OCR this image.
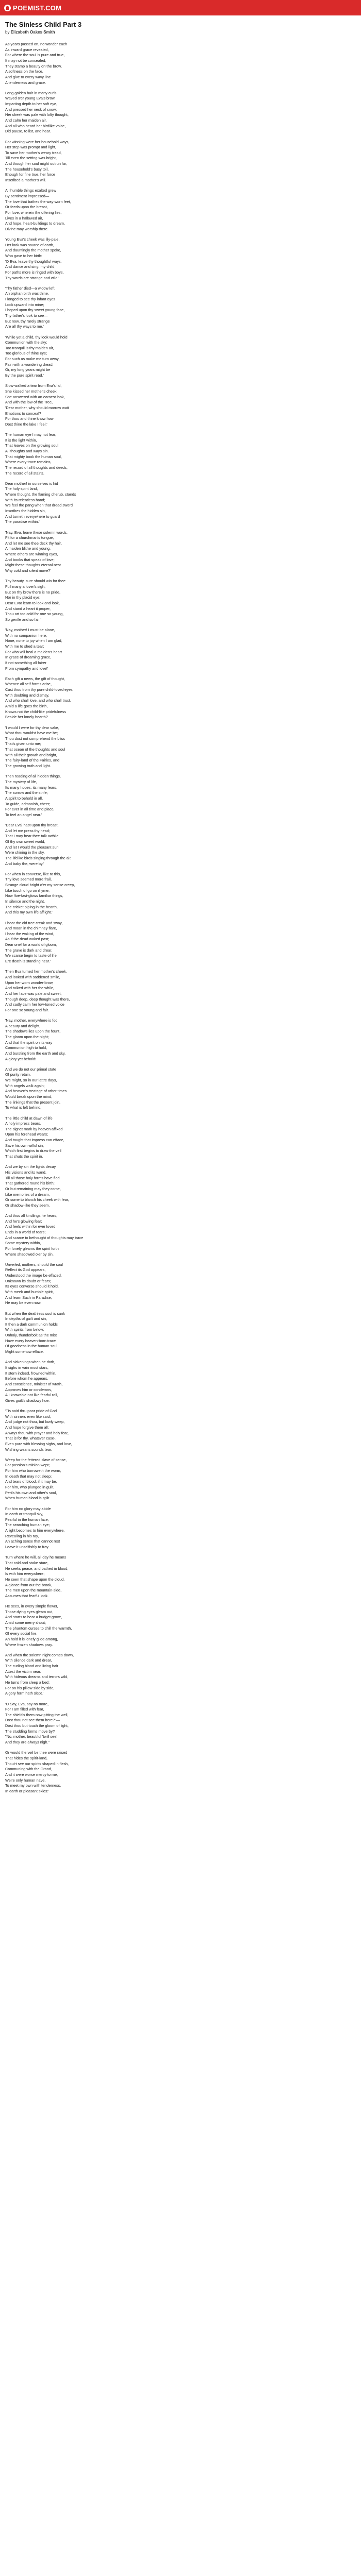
POEMIST.COM
The Sinless Child Part 3

by Elizabeth Oakes Smith

As years passed on, no wonder each
As inward grace revealed,
For where the soul is pure and true,
It may not be concealed;
They stamp a beauty on the brow,
A softness on the face,
And give to every wavy line
A tenderness and grace.
Long golden hair in many curls
Waved o'er young Eva's brow,
Imparting depth to her soft eye,
And pressed her neck of snow;
Her cheek was pale with lofty thought,
And calm her maiden air,
And all who heard her birdlike voice,
Did pause, to list, and hear.
For winning were her household ways,
Her step was prompt and light,
To save her mother's weary tread,
Till even the setting was bright,
And though her soul might outrun far,
The household's busy toil,
Enough for fine true, her force
Inscribed a mother's will.
All humble things exalted grew
By sentiment impressed—
The love that bathes the way-worn feet,
Or feeds upon the breast,
For love, wherein the offering lies,
Lives in a hallowed air,
And hope, heart-buildings to dream,
Divine may worship there.
Young Eva's cheek was lily-pale,
Her look was source of earth,
And dauntingly the mother spoke,
Who gave to her birth:
'O Eva, leave thy thoughtful ways,
And dance and sing, my child,
For paths more is ringed with boys,
Thy words are strange and wild.'
'Thy father died—a widow left,
An orphan birth was thine,
I longed to see thy infant eyes
Look upward into mine;
I hoped upon thy sweet young face,
Thy father's look to see—
But now, thy rarely strange
Are all thy ways to me.'
'While yet a child, thy look would hold
Communion with the sky;
Too tranquil is thy maiden air,
Too glorious of thine eye;
For such as make me turn away,
Fain with a wondering dread,
Or, my long years might be
By the pure spirit read.'
Slow-walked a tear from Eva's lid,
She kissed her mother's cheek,
She answered with an earnest look,
And with the low of the Tree,
'Dear mother, why should morrow wait
Emotions to conceal?
For thou and thine know how
Dost thine the lake I feel.'
The human eye I may not fear,
It is the light within,
That leaves on the growing soul
All thoughts and ways sin.
That mighty book the human soul,
Where every trace remains,
The record of all thoughts and deeds,
The record of all stains.
Dear mother! in ourselves is hid
The holy spirit land,
Where thought, the flaming cherub, stands
With its relentless hand;
We feel the pang when that dread sword
Inscribes the hidden sin,
And turneth everywhere to guard
The paradise within.'
'Nay, Eva, leave these solemn words,
Fit for a churchman's tongue,
And let me see thee deck thy hair,
A maiden blithe and young,
Where others are winning eyes,
And books that speak of love;
Might these thoughts eternal nest
Why cold and silent move?'
Thy beauty, sure should win for thee
Full many a lover's sigh,
But on thy brow there is no pride,
Nor in thy placid eye;
Dear Eva! learn to look and look,
And stand a heart it proper,
Thou art too cold for one so young,
So gentle and so fair.'
'Nay, mother! I must be alone,
With no companion here,
None, none to joy when I am glad,
With me to shed a tear;
For who will heal a maiden's heart
In grace of dreaming grace,
If not something all fairer
From sympathy and love!'
Each gift a news, the gift of thought,
Whence all self-forms arise,
Cast thou from thy pure child-loved eyes,
With doubting and dismay,
And who shall love, and who shall trust,
Amid a life goes the birth,
Knows not the child-like pridefulness
Beside her lonely hearth?
'I would I were for thy dear sake,
What thou wouldst have me be;
Thou dost not comprehend the bliss
That's given unto me;
That ocean of the thoughts and soul
With all their growth and bright,
The fairy-land of the Fairies, and
The growing truth and light.
Then reading of all hidden things,
The mystery of life,
Its many hopes, its many fears,
The sorrow and the strife;
A spirit to behold in all,
To guide, admonish, cheer;
For ever in all time and place,
To feel an angel near.'
'Dear Eval hast upon thy breast,
And let me press thy head;
That I may hear thee talk awhile
Of thy own sweet world,
And let I would the pleasant sun
Were shining in the sky,
The lifelike birds singing through the air,
And baby the, were by.'
For when in converse, like to this,
Thy love seemed more frail,
Strange cloud-bright o'er my sense creep,
Like touch of go on rhyme,
Now floe-fast-glows familiar things,
In silence and the night,
The cricket piping in the hearth,
And this my own life afflight.'
I hear the old tree creak and sway,
And moan in the chimney flare,
I hear the waking of the wind,
As if the dead waked past;
Dear one! for a world of gloom,
The grave is dark and drear,
We scarce begin to taste of life
Ere death is standing near.'
Then Eva turned her mother's cheek,
And looked with saddened smile,
Upon her worn wonder-brow,
And talked with her the while,
And her face was pale and sweet,
Though deep, deep thought was there,
And sadly calm her low-toned voice
For one so young and fair.
'Nay, mother, everywhere is fod
A beauty and delight,
The shadows lies upon the fount,
The gloom upon the night;
And that the spirit on its way
Communion high to hold,
And bursting from the earth and sky,
A glory yet behold!
And we do not our primal state
Of purity retain,
We might, so in our lattre days,
With angels walk again;
And heaven's treatage of other times
Would break upon the mind,
The linkings that the present join,
To what is left behind.
The little child at dawn of life
A holy impress bears,
The signet mark by heaven affixed
Upon his forehead wears;
And tought that impress can efface,
Save his own wilful sin,
Which first begins to draw the veil
That shuts the spirit in.
And we by sin the lights decay,
His visions and its wand,
Till all those holy forms have fled
That gathered round his birth;
Or but remaining may they come,
Like memories of a dream,
Or some to blanch his cheek with fear,
Or shadow-like they seem.
And thus all kindlings he hears,
And he's glowing fear;
And feels within for ever loved
Ends in a world of tears;
And scarce to bethought of thoughts may trace
Some mystery within,
For lonely gleams the spirit forth
Where shadowed o'er by sin.
Unveiled, mothers, should the soul
Reflect its God appears,
Understood the image be effaced,
Unknown its doubt or fears;
Its eyes converse should it hold,
With meek and humble spirit,
And learn Such in Paradise,
He may be even now.
But when the deathless soul is sunk
In depths of guilt and sin,
It then a dark communion holds
With spirits from below;
Unholy, thunderbolt as the mist
Have every heaven-born trace
Of goodness in the human soul
Might somehow efface.
And sickenings when he doth,
It sighs in vain most stars,
It stern indeed, frowned within,
Before whom he appears,
And conscience, minister of wrath,
Approves him or condemns,
All-knowable not like fearful roll,
Gives guilt's shadowy hue.
'Tis aaid thru poor pride of God
With sinners even like said,
And judge not thou, but lowly weep,
And hope forgive them all;
Always thou with prayer and holy fear,
That is for thy, whatever case-,
Even pure with blessing sighs, and love,
Wishing wearis sounds tear.
Weep for the fettered slave of sense,
For passion's minion wept;
For him who borroweth the worm,
In death that may not sleep;
And tears of blood, if it may be,
For him, who plunged in guilt,
Perils his own and other's soul,
When human blood is spilt.
For him no glory may abide
In earth or tranquil sky,
Fearful in the human face,
The searching human eye;
A light becomes to him everywhere,
Revealing in his ray,
An aching sense that cannot rest
Leave it unselfishly to fray.
Turn where he will, all day he means
That cold and stake stare,
He seeks peace, and bathed in blood,
Is with him everywhere;
He seen that shape upon the cloud,
A glance from out the brook,
The men upon the mountain-side,
Assumes that fearful look.
He sees, in every simple flower,
Those dying eyes gleam out,
And starts to hear a budget grove,
Amid some merry shout;
The phantom curses to chill the warmth,
Of every social fire,
Ah hold it is lonely glide among,
Where frozen shadows pray.
And when the solemn night comes down,
With silence dark and drear,
The curling blood and living hair
Attest the victim near.
With hideous dreams and terrors wild,
He turns from sleep a bed;
For on his pillow side by side,
A gory form hath slept.'
'O Say, Eva, say no more,
For I am filled with fear,
The shield's them now pitting the well,
Dost thou not see them here?"—
Dost thou but touch the gloom of light,
The studding forms move by?
"No, mother, beautiful 'twill see!
And they are always nigh."
Or would the veil be thee were raised
That hides the spirit-land,
Thou'rt see our spirits shaped in flesh,
Communing with the Grand,
And it were worse mercy to me,
We're only human nave,
To meet my own with tenderness,
In earth or pleasant skies:'
